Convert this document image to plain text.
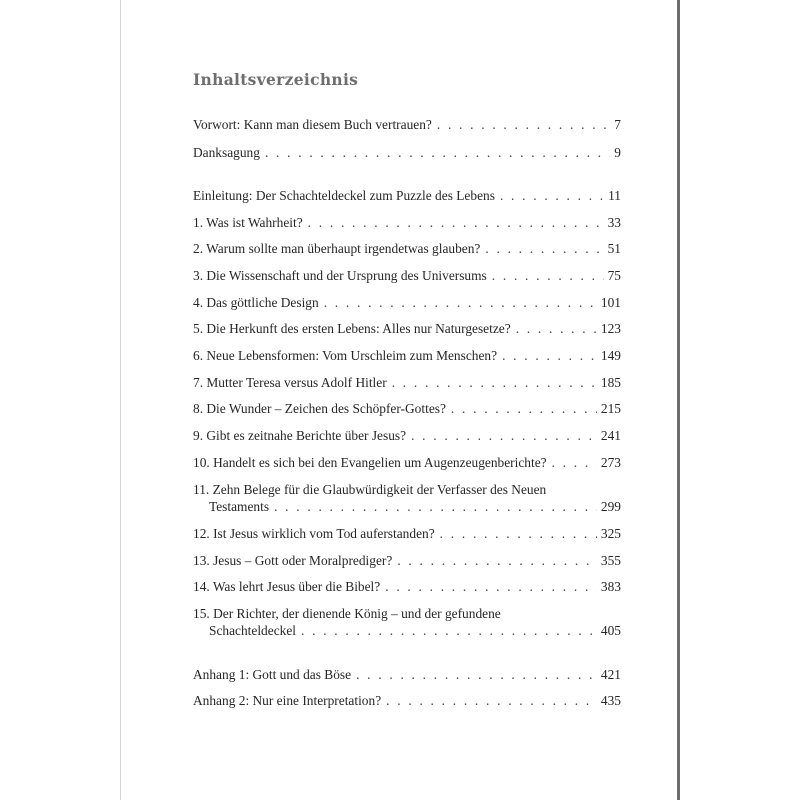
Inhaltsverzeichnis
Vorwort: Kann man diesem Buch vertrauen? . . .	7
Danksagung . . .	9
Einleitung: Der Schachteldeckel zum Puzzle des Lebens . . .	11
1. Was ist Wahrheit? . . .	33
2. Warum sollte man überhaupt irgendetwas glauben? . . .	51
3. Die Wissenschaft und der Ursprung des Universums . . .	75
4. Das göttliche Design . . .	101
5. Die Herkunft des ersten Lebens: Alles nur Naturgesetze? . . .	123
6. Neue Lebensformen: Vom Urschleim zum Menschen? . . .	149
7. Mutter Teresa versus Adolf Hitler . . .	185
8. Die Wunder – Zeichen des Schöpfer-Gottes? . . .	215
9. Gibt es zeitnahe Berichte über Jesus? . . .	241
10. Handelt es sich bei den Evangelien um Augenzeugenberichte? . . .	273
11. Zehn Belege für die Glaubwürdigkeit der Verfasser des Neuen
Testaments . . .	299
12. Ist Jesus wirklich vom Tod auferstanden? . . .	325
13. Jesus – Gott oder Moralprediger? . . .	355
14. Was lehrt Jesus über die Bibel? . . .	383
15. Der Richter, der dienende König – und der gefundene
Schachteldeckel . . .	405
Anhang 1: Gott und das Böse . . .	421
Anhang 2: Nur eine Interpretation? . . .	435
